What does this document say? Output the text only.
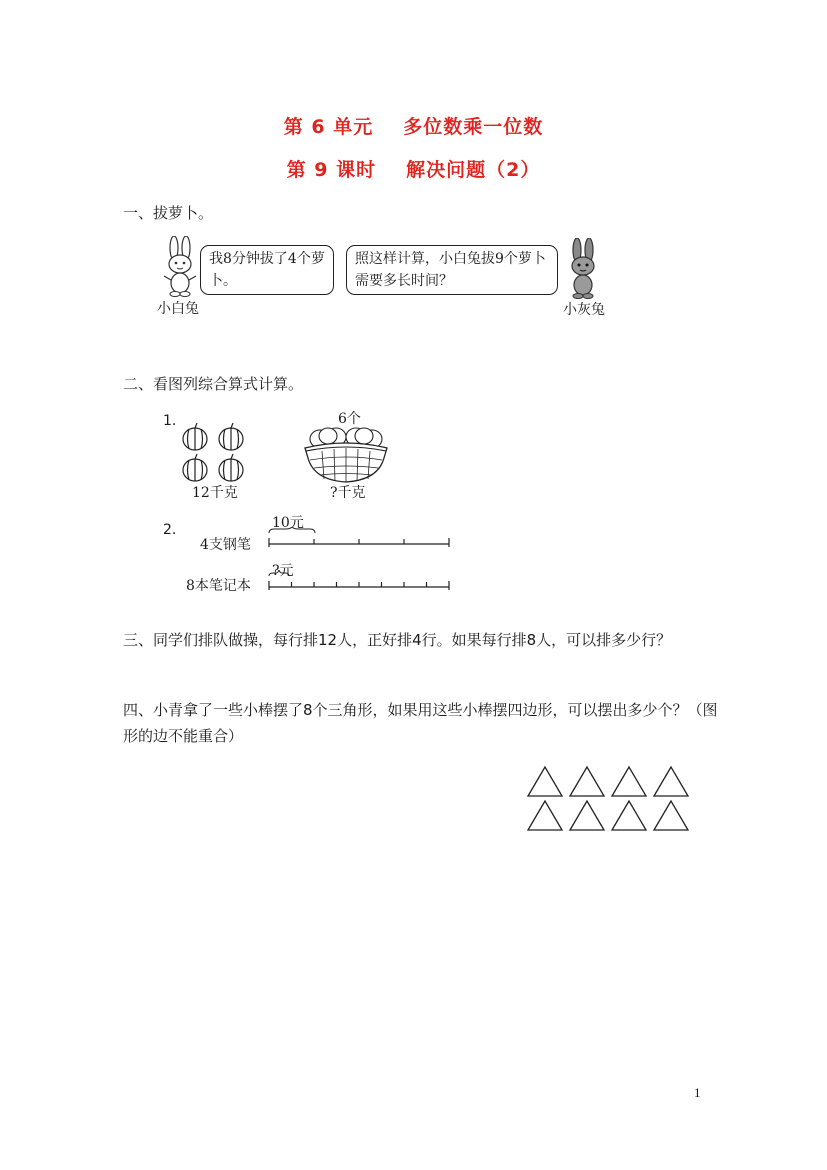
第 6 单元 多位数乘一位数
第 9 课时 解决问题（2）
一、拔萝卜。
我8分钟拔了4个萝卜。
小白兔
照这样计算，小白兔拔9个萝卜需要多长时间？
小灰兔
二、看图列综合算式计算。
1.
12千克
6个
?千克
2.	10元
4支钢笔
?元
8本笔记本
三、同学们排队做操，每行排12人，正好排4行。如果每行排8人，可以排多少行？
四、小青拿了一些小棒摆了8个三角形，如果用这些小棒摆四边形，可以摆出多少个？（图
形的边不能重合）
1
